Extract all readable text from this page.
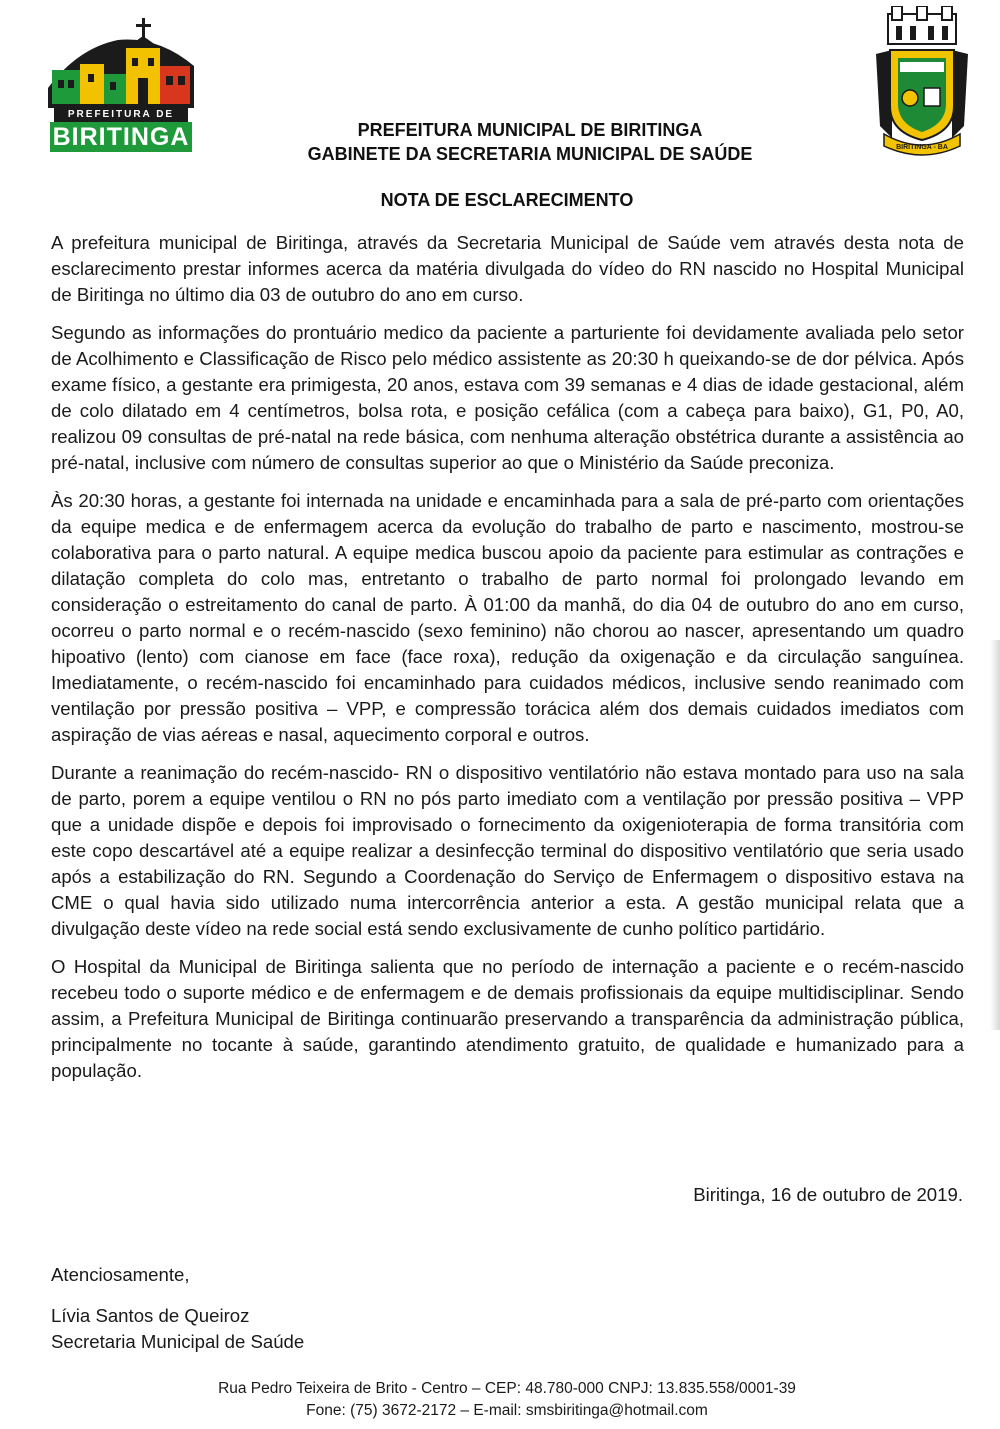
PREFEITURA DE
BIRITINGA	BIRITINGA - BA
PREFEITURA MUNICIPAL DE BIRITINGA
GABINETE DA SECRETARIA MUNICIPAL DE SAÚDE
NOTA DE ESCLARECIMENTO

A prefeitura municipal de Biritinga, através da Secretaria Municipal de Saúde vem através desta nota de esclarecimento prestar informes acerca da matéria divulgada do vídeo do RN nascido no Hospital Municipal de Biritinga no último dia 03 de outubro do ano em curso.

Segundo as informações do prontuário medico da paciente a parturiente foi devidamente avaliada pelo setor de Acolhimento e Classificação de Risco pelo médico assistente as 20:30 h queixando-se de dor pélvica. Após exame físico, a gestante era primigesta, 20 anos, estava com 39 semanas e 4 dias de idade gestacional, além de colo dilatado em 4 centímetros, bolsa rota, e posição cefálica (com a cabeça para baixo), G1, P0, A0, realizou 09 consultas de pré-natal na rede básica, com nenhuma alteração obstétrica durante a assistência ao pré-natal, inclusive com número de consultas superior ao que o Ministério da Saúde preconiza.

Às 20:30 horas, a gestante foi internada na unidade e encaminhada para a sala de pré-parto com orientações da equipe medica e de enfermagem acerca da evolução do trabalho de parto e nascimento, mostrou-se colaborativa para o parto natural. A equipe medica buscou apoio da paciente para estimular as contrações e dilatação completa do colo mas, entretanto o trabalho de parto normal foi prolongado levando em consideração o estreitamento do canal de parto. À 01:00 da manhã, do dia 04 de outubro do ano em curso, ocorreu o parto normal e o recém-nascido (sexo feminino) não chorou ao nascer, apresentando um quadro hipoativo (lento) com cianose em face (face roxa), redução da oxigenação e da circulação sanguínea. Imediatamente, o recém-nascido foi encaminhado para cuidados médicos, inclusive sendo reanimado com ventilação por pressão positiva – VPP, e compressão torácica além dos demais cuidados imediatos com aspiração de vias aéreas e nasal, aquecimento corporal e outros.

Durante a reanimação do recém-nascido- RN o dispositivo ventilatório não estava montado para uso na sala de parto, porem a equipe ventilou o RN no pós parto imediato com a ventilação por pressão positiva – VPP que a unidade dispõe e depois foi improvisado o fornecimento da oxigenioterapia de forma transitória com este copo descartável até a equipe realizar a desinfecção terminal do dispositivo ventilatório que seria usado após a estabilização do RN. Segundo a Coordenação do Serviço de Enfermagem o dispositivo estava na CME o qual havia sido utilizado numa intercorrência anterior a esta. A gestão municipal relata que a divulgação deste vídeo na rede social está sendo exclusivamente de cunho político partidário.

O Hospital da Municipal de Biritinga salienta que no período de internação a paciente e o recém-nascido recebeu todo o suporte médico e de enfermagem e de demais profissionais da equipe multidisciplinar. Sendo assim, a Prefeitura Municipal de Biritinga continuarão preservando a transparência da administração pública, principalmente no tocante à saúde, garantindo atendimento gratuito, de qualidade e humanizado para a população.

Biritinga, 16 de outubro de 2019.
Atenciosamente,
Lívia Santos de Queiroz
Secretaria Municipal de Saúde
Rua Pedro Teixeira de Brito - Centro – CEP: 48.780-000 CNPJ: 13.835.558/0001-39
Fone: (75) 3672-2172 – E-mail: smsbiritinga@hotmail.com
